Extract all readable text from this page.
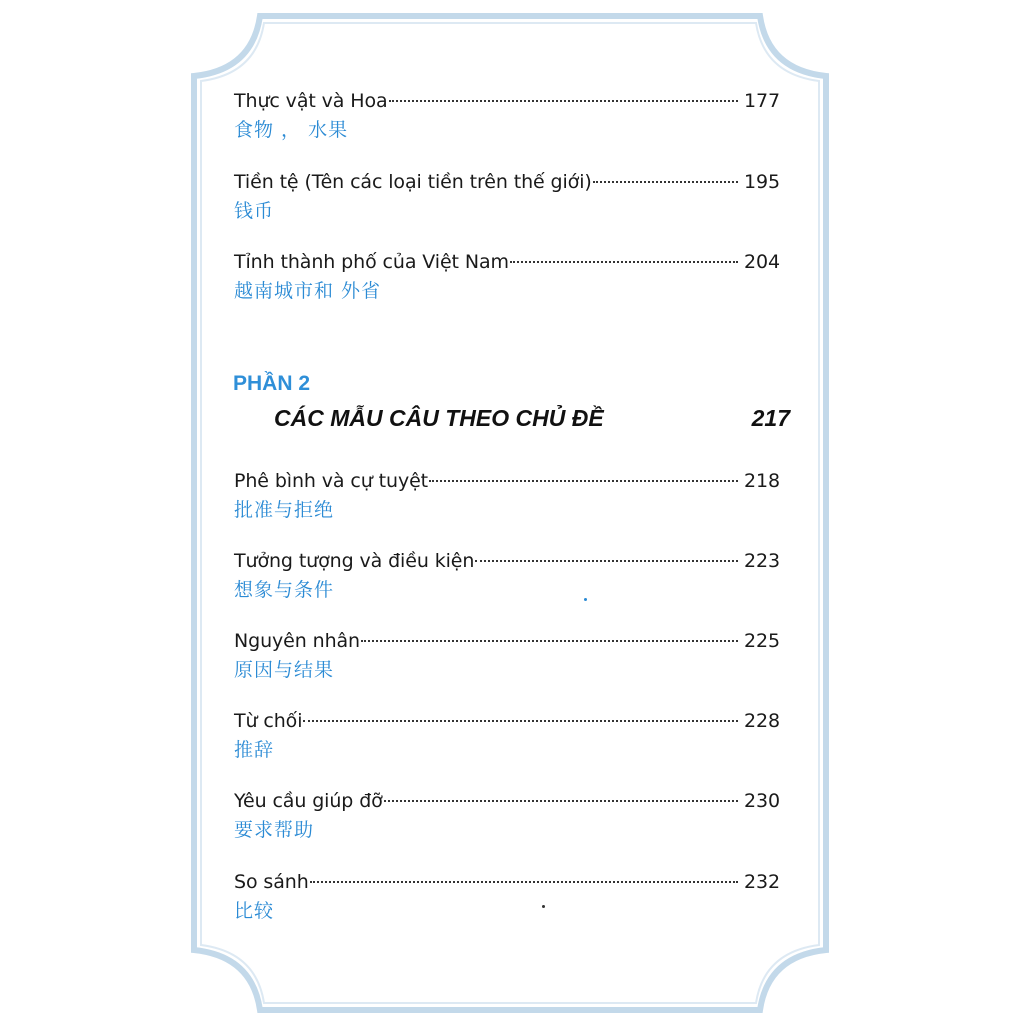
Thực vật và Hoa	177
食物 ， 水果
Tiền tệ (Tên các loại tiền trên thế giới)	195
钱币
Tỉnh thành phố của Việt Nam	204
越南城市和 外省
PHẦN 2
CÁC MẪU CÂU THEO CHỦ ĐỀ	217
Phê bình và cự tuyệt	218
批准与拒绝
Tưởng tượng và điều kiện	223
想象与条件
Nguyên nhân	225
原因与结果
Từ chối	228
推辞
Yêu cầu giúp đỡ	230
要求帮助
So sánh	232
比较
